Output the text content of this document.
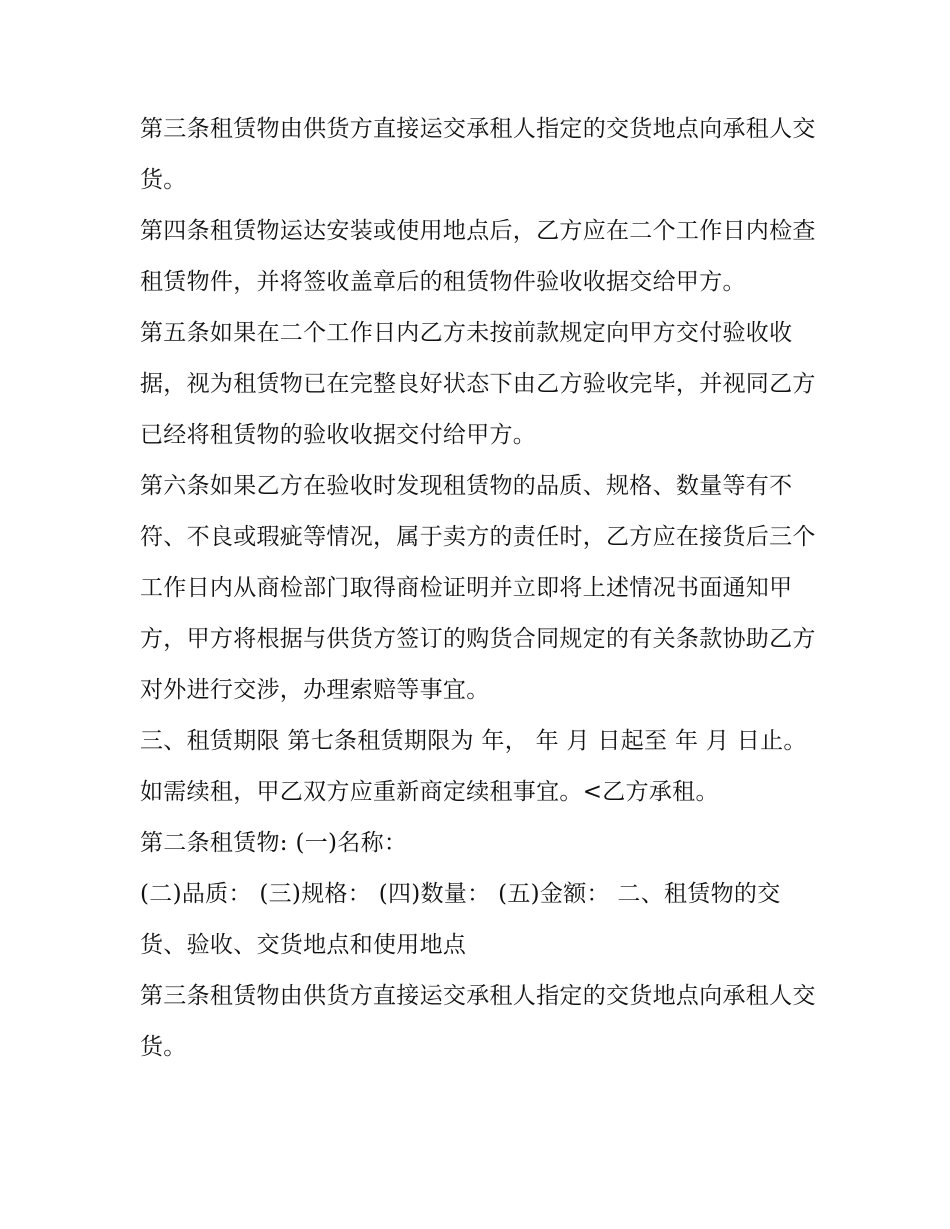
第三条租赁物由供货方直接运交承租人指定的交货地点向承租人交货。

第四条租赁物运达安装或使用地点后，乙方应在二个工作日内检查租赁物件，并将签收盖章后的租赁物件验收收据交给甲方。

第五条如果在二个工作日内乙方未按前款规定向甲方交付验收收据，视为租赁物已在完整良好状态下由乙方验收完毕，并视同乙方已经将租赁物的验收收据交付给甲方。

第六条如果乙方在验收时发现租赁物的品质、规格、数量等有不符、不良或瑕疵等情况，属于卖方的责任时，乙方应在接货后三个工作日内从商检部门取得商检证明并立即将上述情况书面通知甲方，甲方将根据与供货方签订的购货合同规定的有关条款协助乙方对外进行交涉，办理索赔等事宜。

三、租赁期限 第七条租赁期限为 年， 年 月 日起至 年 月 日止。如需续租，甲乙双方应重新商定续租事宜。<乙方承租。

第二条租赁物: (一)名称：

(二)品质： (三)规格： (四)数量： (五)金额： 二、租赁物的交货、验收、交货地点和使用地点

第三条租赁物由供货方直接运交承租人指定的交货地点向承租人交货。
